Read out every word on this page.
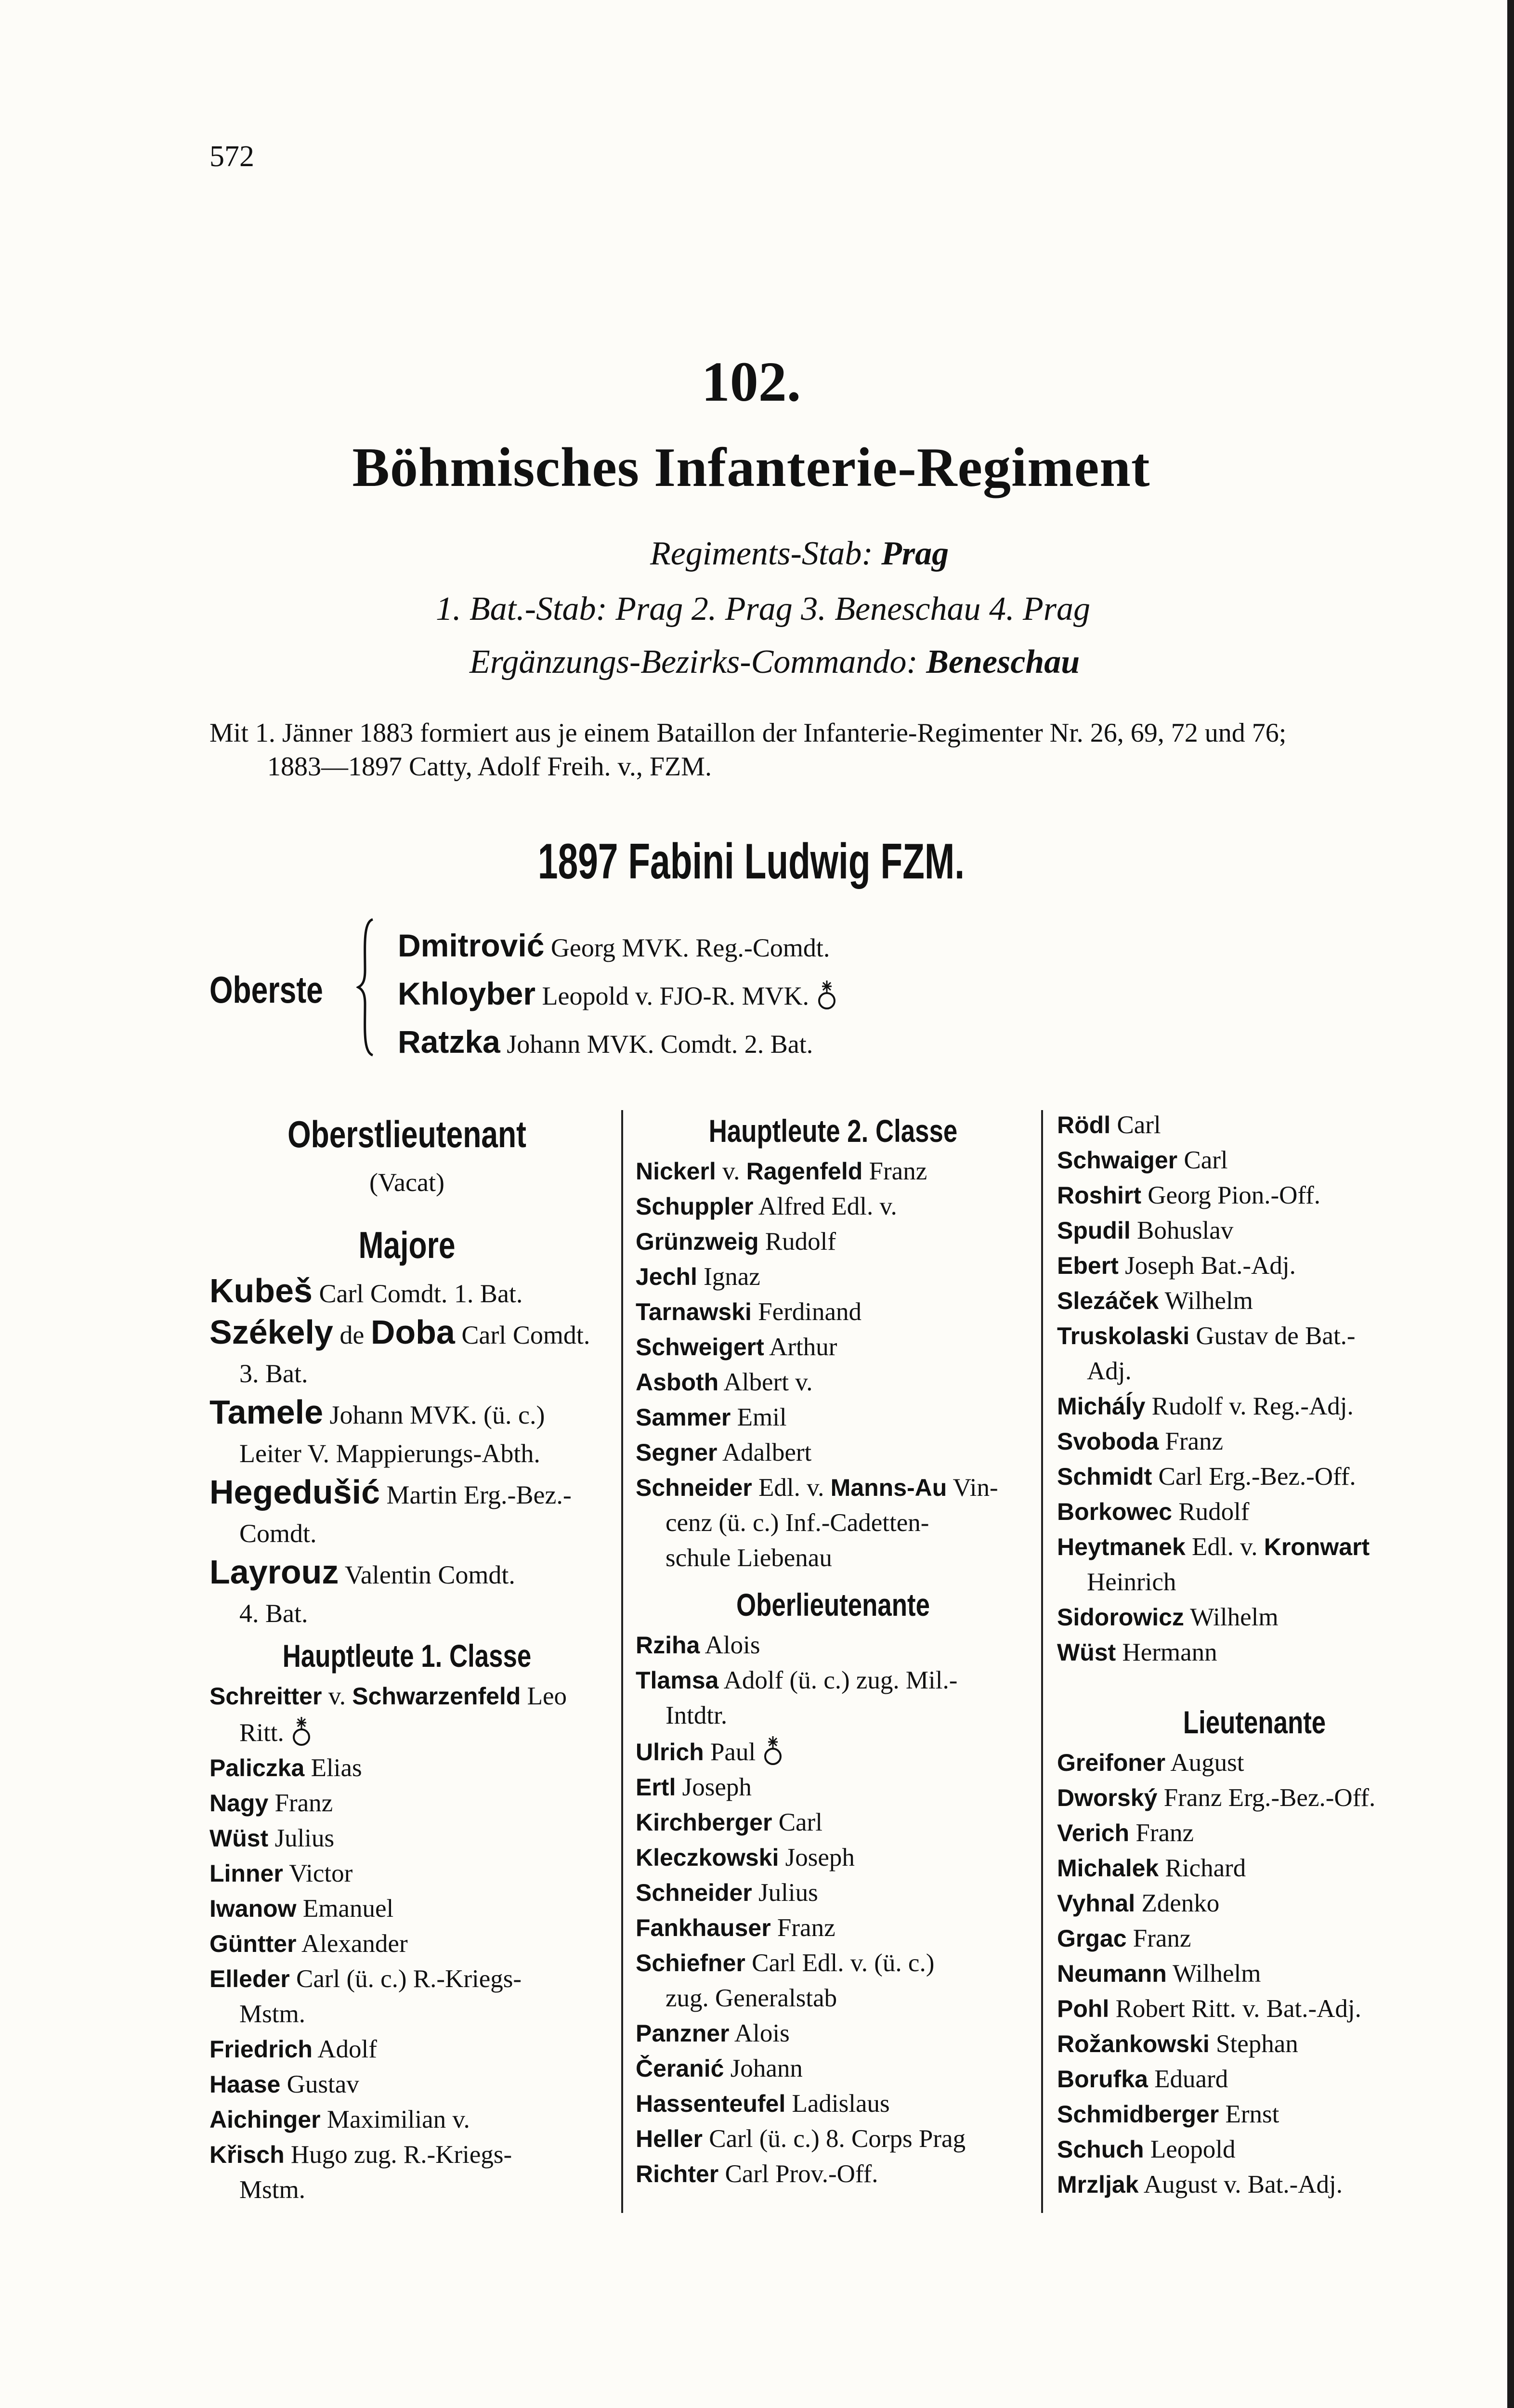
572
102.
Böhmisches Infanterie-Regiment
Regiments-Stab: Prag
1. Bat.-Stab: Prag 2. Prag 3. Beneschau 4. Prag
Ergänzungs-Bezirks-Commando: Beneschau
Mit 1. Jänner 1883 formiert aus je einem Bataillon der Infanterie-Regimenter Nr. 26, 69, 72 und 76;
1883—1897 Catty, Adolf Freih. v., FZM.
1897 Fabini Ludwig FZM.
Oberste
Dmitrović Georg MVK. Reg.-Comdt.
Khloyber Leopold v. FJO-R. MVK.
Ratzka Johann MVK. Comdt. 2. Bat.
Oberstlieutenant
(Vacat)
Majore
Kubeš Carl Comdt. 1. Bat.
Székely de Doba Carl Comdt.
3. Bat.
Tamele Johann MVK. (ü. c.)
Leiter V. Mappierungs-Abth.
Hegedušić Martin Erg.-Bez.-
Comdt.
Layrouz Valentin Comdt.
4. Bat.
Hauptleute 1. Classe
Schreitter v. Schwarzenfeld Leo
Ritt.
Paliczka Elias
Nagy Franz
Wüst Julius
Linner Victor
Iwanow Emanuel
Güntter Alexander
Elleder Carl (ü. c.) R.-Kriegs-
Mstm.
Friedrich Adolf
Haase Gustav
Aichinger Maximilian v.
Křisch Hugo zug. R.-Kriegs-
Mstm.
Hauptleute 2. Classe
Nickerl v. Ragenfeld Franz
Schuppler Alfred Edl. v.
Grünzweig Rudolf
Jechl Ignaz
Tarnawski Ferdinand
Schweigert Arthur
Asboth Albert v.
Sammer Emil
Segner Adalbert
Schneider Edl. v. Manns-Au Vin-
cenz (ü. c.) Inf.-Cadetten-
schule Liebenau
Oberlieutenante
Rziha Alois
Tlamsa Adolf (ü. c.) zug. Mil.-
Intdtr.
Ulrich Paul
Ertl Joseph
Kirchberger Carl
Kleczkowski Joseph
Schneider Julius
Fankhauser Franz
Schiefner Carl Edl. v. (ü. c.)
zug. Generalstab
Panzner Alois
Čeranić Johann
Hassenteufel Ladislaus
Heller Carl (ü. c.) 8. Corps Prag
Richter Carl Prov.-Off.
Rödl Carl
Schwaiger Carl
Roshirt Georg Pion.-Off.
Spudil Bohuslav
Ebert Joseph Bat.-Adj.
Slezáček Wilhelm
Truskolaski Gustav de Bat.-
Adj.
Micháĺy Rudolf v. Reg.-Adj.
Svoboda Franz
Schmidt Carl Erg.-Bez.-Off.
Borkowec Rudolf
Heytmanek Edl. v. Kronwart
Heinrich
Sidorowicz Wilhelm
Wüst Hermann
Lieutenante
Greifoner August
Dworský Franz Erg.-Bez.-Off.
Verich Franz
Michalek Richard
Vyhnal Zdenko
Grgac Franz
Neumann Wilhelm
Pohl Robert Ritt. v. Bat.-Adj.
Rožankowski Stephan
Borufka Eduard
Schmidberger Ernst
Schuch Leopold
Mrzljak August v. Bat.-Adj.
